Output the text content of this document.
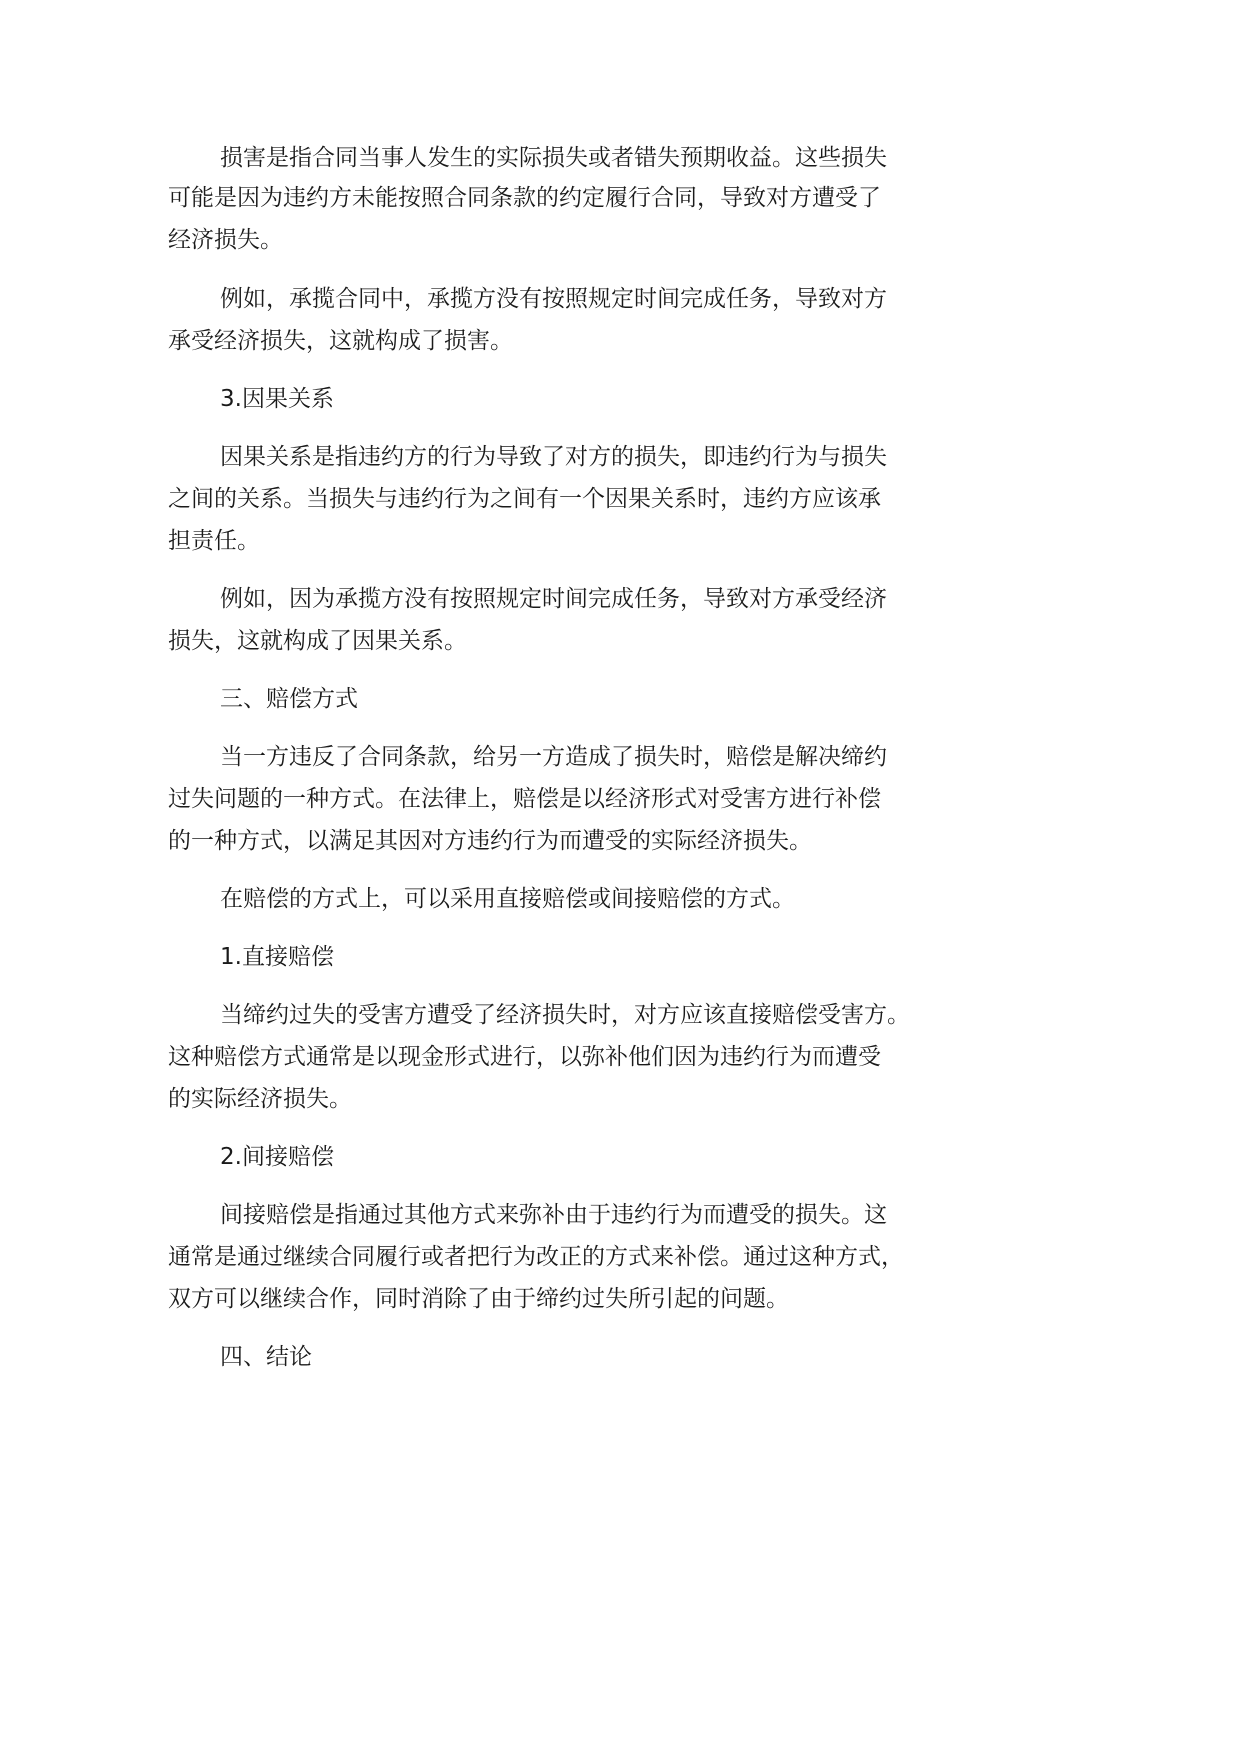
损害是指合同当事人发生的实际损失或者错失预期收益。这些损失

可能是因为违约方未能按照合同条款的约定履行合同，导致对方遭受了

经济损失。

例如，承揽合同中，承揽方没有按照规定时间完成任务，导致对方

承受经济损失，这就构成了损害。

3.因果关系

因果关系是指违约方的行为导致了对方的损失，即违约行为与损失

之间的关系。当损失与违约行为之间有一个因果关系时，违约方应该承

担责任。

例如，因为承揽方没有按照规定时间完成任务，导致对方承受经济

损失，这就构成了因果关系。

三、赔偿方式

当一方违反了合同条款，给另一方造成了损失时，赔偿是解决缔约

过失问题的一种方式。在法律上，赔偿是以经济形式对受害方进行补偿

的一种方式，以满足其因对方违约行为而遭受的实际经济损失。

在赔偿的方式上，可以采用直接赔偿或间接赔偿的方式。

1.直接赔偿

当缔约过失的受害方遭受了经济损失时，对方应该直接赔偿受害方。

这种赔偿方式通常是以现金形式进行，以弥补他们因为违约行为而遭受

的实际经济损失。

2.间接赔偿

间接赔偿是指通过其他方式来弥补由于违约行为而遭受的损失。这

通常是通过继续合同履行或者把行为改正的方式来补偿。通过这种方式，

双方可以继续合作，同时消除了由于缔约过失所引起的问题。

四、结论
